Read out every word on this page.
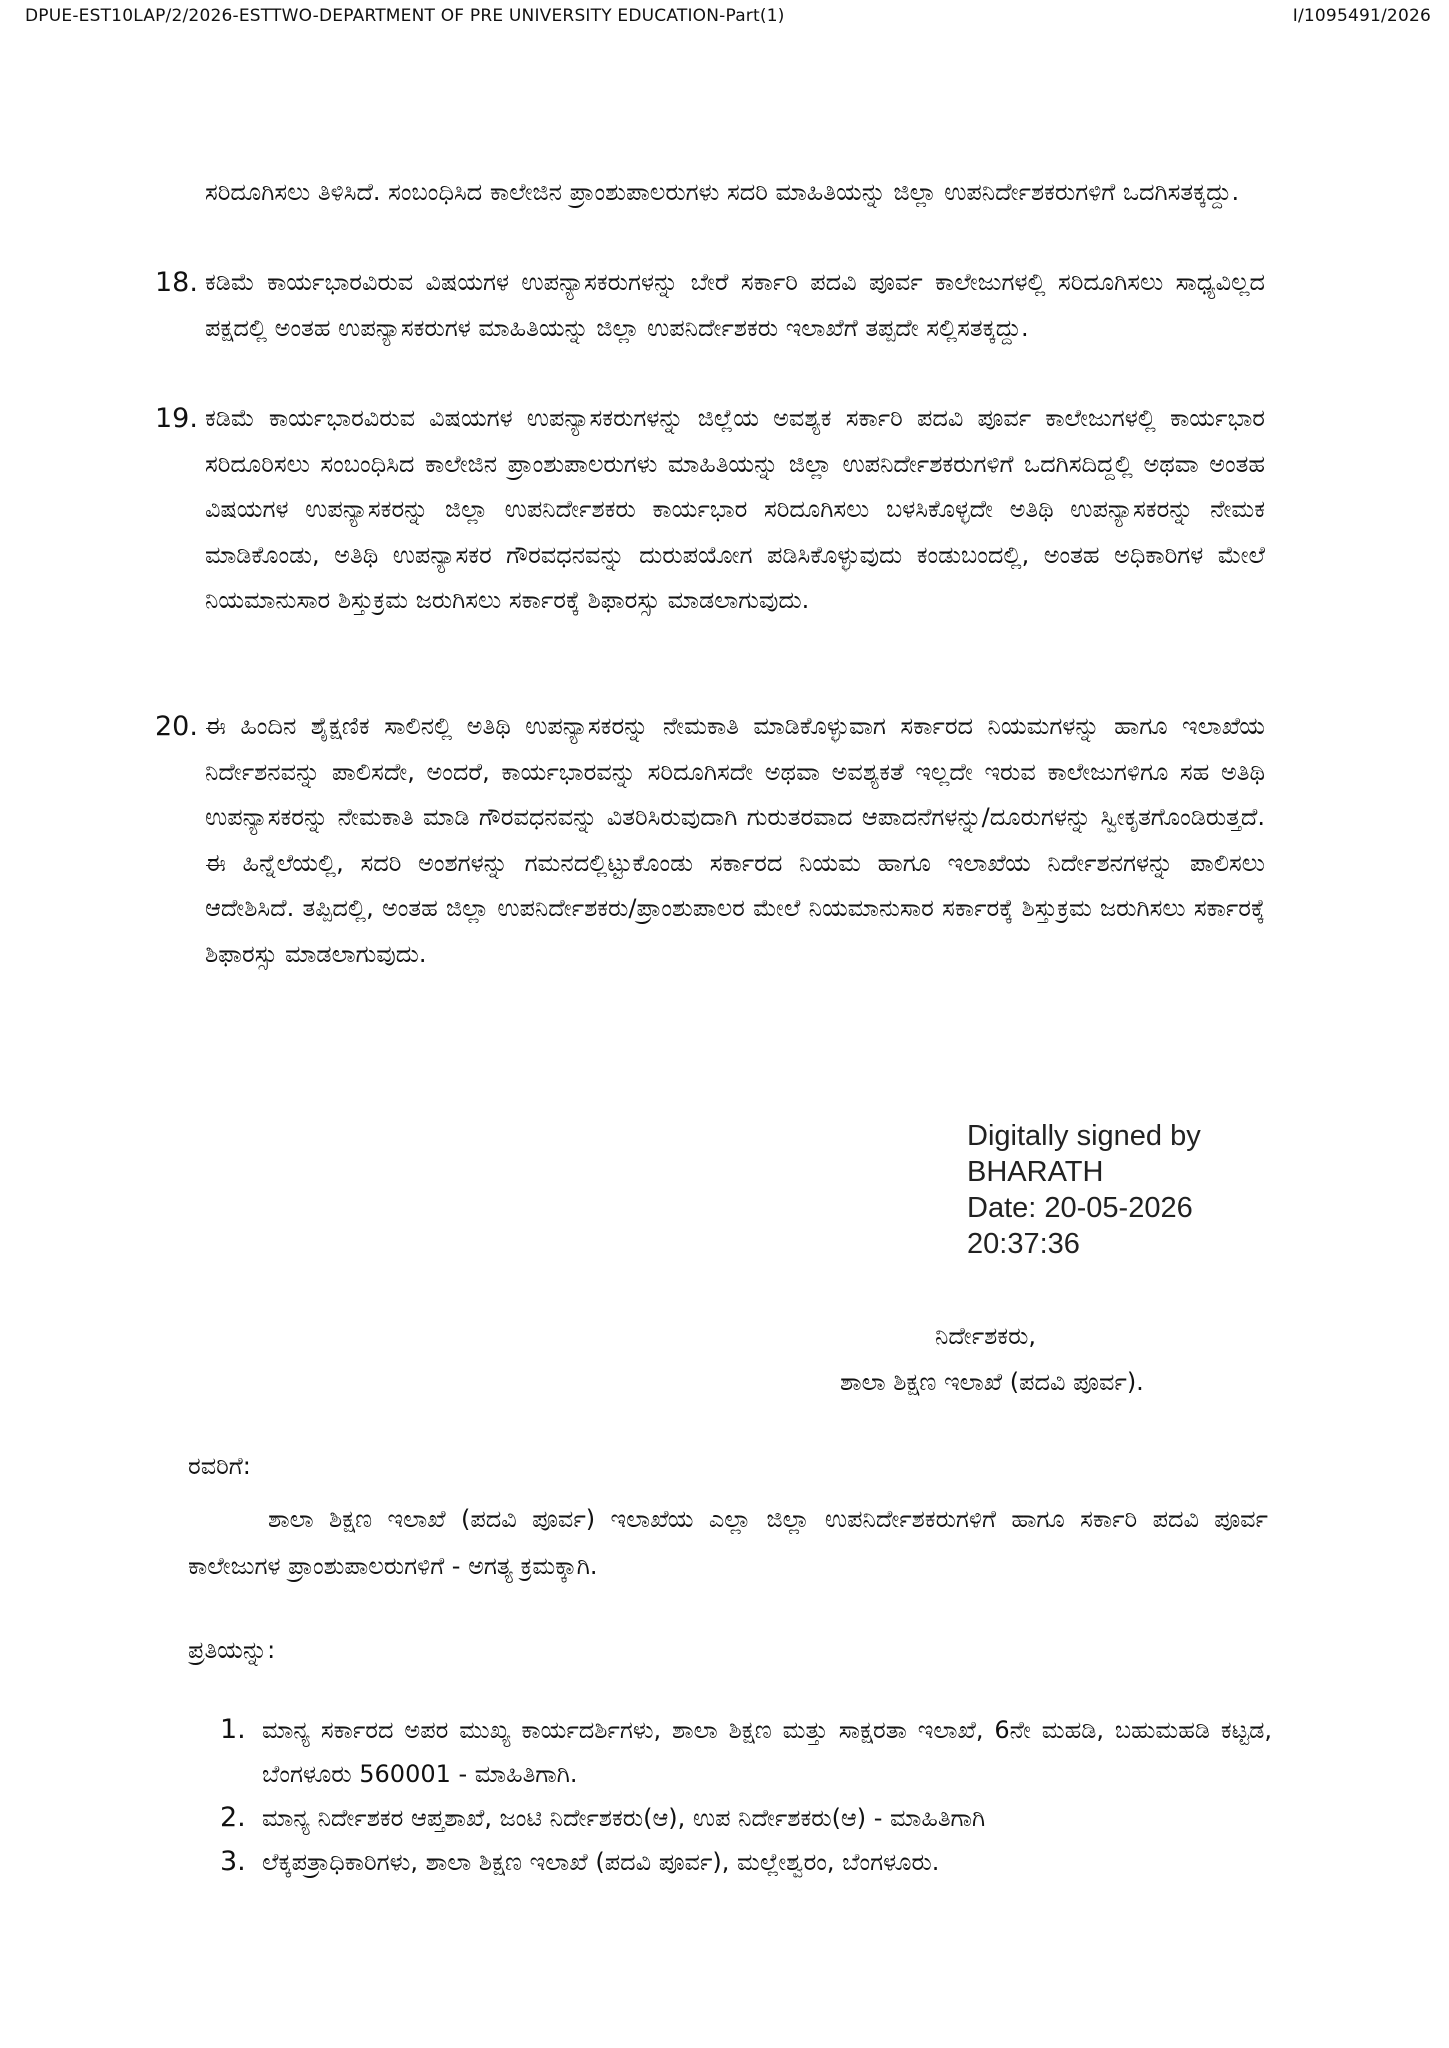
DPUE-EST10LAP/2/2026-ESTTWO-DEPARTMENT OF PRE UNIVERSITY EDUCATION-Part(1)	I/1095491/2026
ಸರಿದೂಗಿಸಲು ತಿಳಿಸಿದೆ. ಸಂಬಂಧಿಸಿದ ಕಾಲೇಜಿನ ಪ್ರಾಂಶುಪಾಲರುಗಳು ಸದರಿ ಮಾಹಿತಿಯನ್ನು ಜಿಲ್ಲಾ ಉಪನಿರ್ದೇಶಕರುಗಳಿಗೆ ಒದಗಿಸತಕ್ಕದ್ದು.
18. ಕಡಿಮೆ ಕಾರ್ಯಭಾರವಿರುವ ವಿಷಯಗಳ ಉಪನ್ಯಾಸಕರುಗಳನ್ನು ಬೇರೆ ಸರ್ಕಾರಿ ಪದವಿ ಪೂರ್ವ ಕಾಲೇಜುಗಳಲ್ಲಿ ಸರಿದೂಗಿಸಲು ಸಾಧ್ಯವಿಲ್ಲದ ಪಕ್ಷದಲ್ಲಿ ಅಂತಹ ಉಪನ್ಯಾಸಕರುಗಳ ಮಾಹಿತಿಯನ್ನು ಜಿಲ್ಲಾ ಉಪನಿರ್ದೇಶಕರು ಇಲಾಖೆಗೆ ತಪ್ಪದೇ ಸಲ್ಲಿಸತಕ್ಕದ್ದು.
19. ಕಡಿಮೆ ಕಾರ್ಯಭಾರವಿರುವ ವಿಷಯಗಳ ಉಪನ್ಯಾಸಕರುಗಳನ್ನು ಜಿಲ್ಲೆಯ ಅವಶ್ಯಕ ಸರ್ಕಾರಿ ಪದವಿ ಪೂರ್ವ ಕಾಲೇಜುಗಳಲ್ಲಿ ಕಾರ್ಯಭಾರ ಸರಿದೂರಿಸಲು ಸಂಬಂಧಿಸಿದ ಕಾಲೇಜಿನ ಪ್ರಾಂಶುಪಾಲರುಗಳು ಮಾಹಿತಿಯನ್ನು ಜಿಲ್ಲಾ ಉಪನಿರ್ದೇಶಕರುಗಳಿಗೆ ಒದಗಿಸದಿದ್ದಲ್ಲಿ ಅಥವಾ ಅಂತಹ ವಿಷಯಗಳ ಉಪನ್ಯಾಸಕರನ್ನು ಜಿಲ್ಲಾ ಉಪನಿರ್ದೇಶಕರು ಕಾರ್ಯಭಾರ ಸರಿದೂಗಿಸಲು ಬಳಸಿಕೊಳ್ಳದೇ ಅತಿಥಿ ಉಪನ್ಯಾಸಕರನ್ನು ನೇಮಕ ಮಾಡಿಕೊಂಡು, ಅತಿಥಿ ಉಪನ್ಯಾಸಕರ ಗೌರವಧನವನ್ನು ದುರುಪಯೋಗ ಪಡಿಸಿಕೊಳ್ಳುವುದು ಕಂಡುಬಂದಲ್ಲಿ, ಅಂತಹ ಅಧಿಕಾರಿಗಳ ಮೇಲೆ ನಿಯಮಾನುಸಾರ ಶಿಸ್ತುಕ್ರಮ ಜರುಗಿಸಲು ಸರ್ಕಾರಕ್ಕೆ ಶಿಫಾರಸ್ಸು ಮಾಡಲಾಗುವುದು.
20. ಈ ಹಿಂದಿನ ಶೈಕ್ಷಣಿಕ ಸಾಲಿನಲ್ಲಿ ಅತಿಥಿ ಉಪನ್ಯಾಸಕರನ್ನು ನೇಮಕಾತಿ ಮಾಡಿಕೊಳ್ಳುವಾಗ ಸರ್ಕಾರದ ನಿಯಮಗಳನ್ನು ಹಾಗೂ ಇಲಾಖೆಯ ನಿರ್ದೇಶನವನ್ನು ಪಾಲಿಸದೇ, ಅಂದರೆ, ಕಾರ್ಯಭಾರವನ್ನು ಸರಿದೂಗಿಸದೇ ಅಥವಾ ಅವಶ್ಯಕತೆ ಇಲ್ಲದೇ ಇರುವ ಕಾಲೇಜುಗಳಿಗೂ ಸಹ ಅತಿಥಿ ಉಪನ್ಯಾಸಕರನ್ನು ನೇಮಕಾತಿ ಮಾಡಿ ಗೌರವಧನವನ್ನು ವಿತರಿಸಿರುವುದಾಗಿ ಗುರುತರವಾದ ಆಪಾದನೆಗಳನ್ನು/ದೂರುಗಳನ್ನು ಸ್ವೀಕೃತಗೊಂಡಿರುತ್ತದೆ. ಈ ಹಿನ್ನೆಲೆಯಲ್ಲಿ, ಸದರಿ ಅಂಶಗಳನ್ನು ಗಮನದಲ್ಲಿಟ್ಟುಕೊಂಡು ಸರ್ಕಾರದ ನಿಯಮ ಹಾಗೂ ಇಲಾಖೆಯ ನಿರ್ದೇಶನಗಳನ್ನು ಪಾಲಿಸಲು ಆದೇಶಿಸಿದೆ. ತಪ್ಪಿದಲ್ಲಿ, ಅಂತಹ ಜಿಲ್ಲಾ ಉಪನಿರ್ದೇಶಕರು/ಪ್ರಾಂಶುಪಾಲರ ಮೇಲೆ ನಿಯಮಾನುಸಾರ ಸರ್ಕಾರಕ್ಕೆ ಶಿಸ್ತುಕ್ರಮ ಜರುಗಿಸಲು ಸರ್ಕಾರಕ್ಕೆ ಶಿಫಾರಸ್ಸು ಮಾಡಲಾಗುವುದು.
Digitally signed by
BHARATH
Date: 20-05-2026
20:37:36
ನಿರ್ದೇಶಕರು,
ಶಾಲಾ ಶಿಕ್ಷಣ ಇಲಾಖೆ (ಪದವಿ ಪೂರ್ವ).
ರವರಿಗೆ:
ಶಾಲಾ ಶಿಕ್ಷಣ ಇಲಾಖೆ (ಪದವಿ ಪೂರ್ವ) ಇಲಾಖೆಯ ಎಲ್ಲಾ ಜಿಲ್ಲಾ ಉಪನಿರ್ದೇಶಕರುಗಳಿಗೆ ಹಾಗೂ ಸರ್ಕಾರಿ ಪದವಿ ಪೂರ್ವ ಕಾಲೇಜುಗಳ ಪ್ರಾಂಶುಪಾಲರುಗಳಿಗೆ - ಅಗತ್ಯ ಕ್ರಮಕ್ಕಾಗಿ.
ಪ್ರತಿಯನ್ನು:
1. ಮಾನ್ಯ ಸರ್ಕಾರದ ಅಪರ ಮುಖ್ಯ ಕಾರ್ಯದರ್ಶಿಗಳು, ಶಾಲಾ ಶಿಕ್ಷಣ ಮತ್ತು ಸಾಕ್ಷರತಾ ಇಲಾಖೆ, 6ನೇ ಮಹಡಿ, ಬಹುಮಹಡಿ ಕಟ್ಟಡ, ಬೆಂಗಳೂರು 560001 - ಮಾಹಿತಿಗಾಗಿ.
2. ಮಾನ್ಯ ನಿರ್ದೇಶಕರ ಆಪ್ತಶಾಖೆ, ಜಂಟಿ ನಿರ್ದೇಶಕರು(ಆ), ಉಪ ನಿರ್ದೇಶಕರು(ಆ) - ಮಾಹಿತಿಗಾಗಿ
3. ಲೆಕ್ಕಪತ್ರಾಧಿಕಾರಿಗಳು, ಶಾಲಾ ಶಿಕ್ಷಣ ಇಲಾಖೆ (ಪದವಿ ಪೂರ್ವ), ಮಲ್ಲೇಶ್ವರಂ, ಬೆಂಗಳೂರು.
